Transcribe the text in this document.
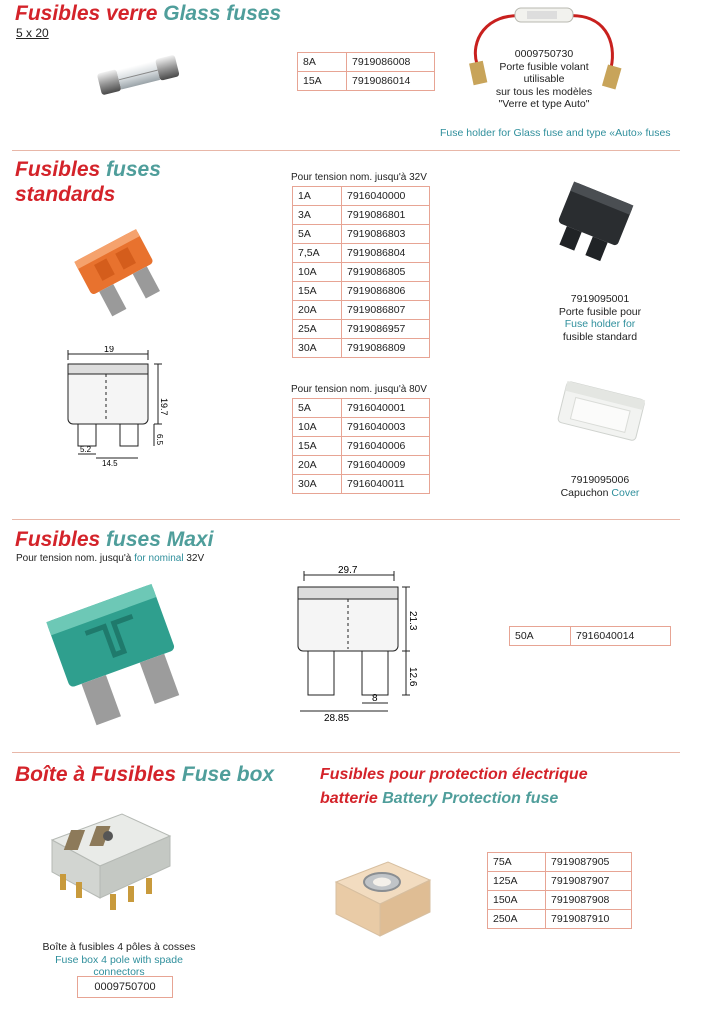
Fusibles verre Glass fuses
5 x 20
8A	7919086008
15A	7919086014
0009750730
Porte fusible volant
utilisable
sur tous les modèles
"Verre et type Auto"
Fuse holder for Glass fuse and type «Auto» fuses
Fusibles fuses
standards
19
19.7
6.5
5.2
14.5
Pour tension nom. jusqu'à 32V
1A	7916040000
3A	7919086801
5A	7919086803
7,5A	7919086804
10A	7919086805
15A	7919086806
20A	7919086807
25A	7919086957
30A	7919086809
Pour tension nom. jusqu'à 80V
5A	7916040001
10A	7916040003
15A	7916040006
20A	7916040009
30A	7916040011
7919095001
Porte fusible pour
Fuse holder for
fusible standard
7919095006
Capuchon Cover
Fusibles fuses Maxi
Pour tension nom. jusqu'à for nominal 32V
29.7
21.3
12.6
28.85
8
50A	7916040014
Boîte à Fusibles Fuse box
Boîte à fusibles 4 pôles à cosses
Fuse box 4 pole with spade connectors
0009750700
Fusibles pour protection électrique
batterie Battery Protection fuse
75A	7919087905
125A	7919087907
150A	7919087908
250A	7919087910
